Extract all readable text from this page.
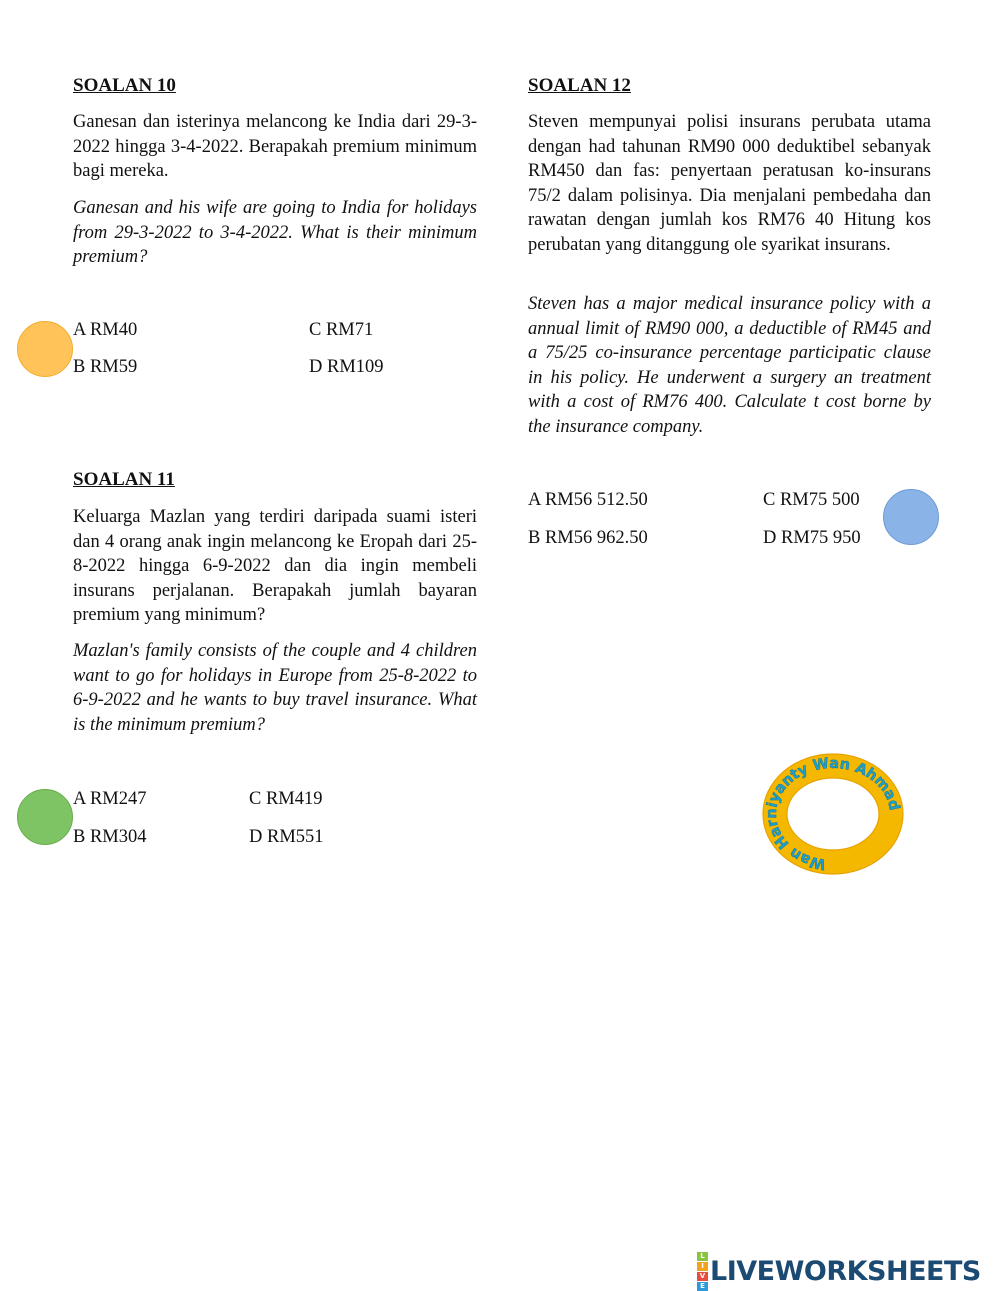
SOALAN 10

Ganesan dan isterinya melancong ke India dari 29-3-2022 hingga 3-4-2022. Berapakah premium minimum bagi mereka.

Ganesan and his wife are going to India for holidays from 29-3-2022 to 3-4-2022. What is their minimum premium?

A RM40
B RM59
C RM71
D RM109
SOALAN 11

Keluarga Mazlan yang terdiri daripada suami isteri dan 4 orang anak ingin melancong ke Eropah dari 25-8-2022 hingga 6-9-2022 dan dia ingin membeli insurans perjalanan. Berapakah jumlah bayaran premium yang minimum?

Mazlan's family consists of the couple and 4 children want to go for holidays in Europe from 25-8-2022 to 6-9-2022 and he wants to buy travel insurance. What is the minimum premium?

A RM247
B RM304
C RM419
D RM551
SOALAN 12

Steven mempunyai polisi insurans perubata utama dengan had tahunan RM90 000 deduktibel sebanyak RM450 dan fas: penyertaan peratusan ko-insurans 75/2 dalam polisinya. Dia menjalani pembedaha dan rawatan dengan jumlah kos RM76 40 Hitung kos perubatan yang ditanggung ole syarikat insurans.

Steven has a major medical insurance policy with a annual limit of RM90 000, a deductible of RM45 and a 75/25 co-insurance percentage participatic clause in his policy. He underwent a surgery an treatment with a cost of RM76 400. Calculate t cost borne by the insurance company.

A RM56 512.50
B RM56 962.50
C RM75 500
D RM75 950
Wan Harniyanty Wan Ahmad
L
I
V
E LIVEWORKSHEETS
